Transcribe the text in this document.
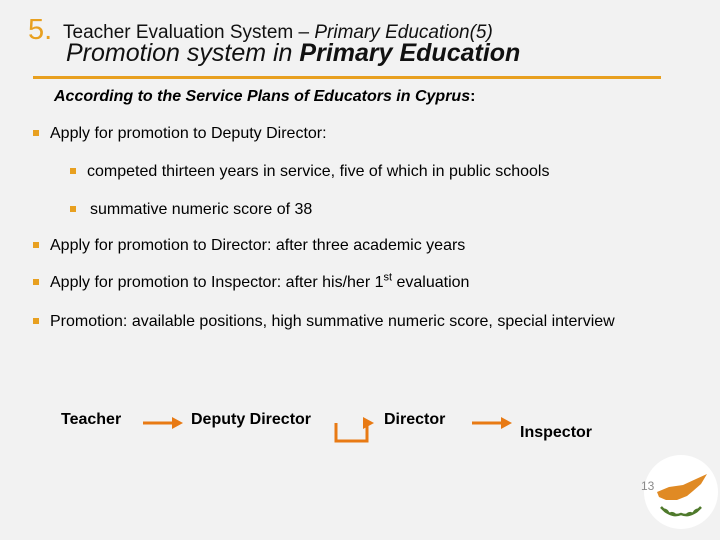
5. Teacher Evaluation System – Primary Education(5)
Promotion system in Primary Education
According to the Service Plans of Educators in Cyprus:
Apply for promotion to Deputy Director:
competed thirteen years in service, five of which in public schools
summative numeric score of 38
Apply for promotion to Director: after three academic years
Apply for promotion to Inspector: after his/her 1st evaluation
Promotion: available positions, high summative numeric score, special interview
Teacher	Deputy Director	Director
Inspector
13
